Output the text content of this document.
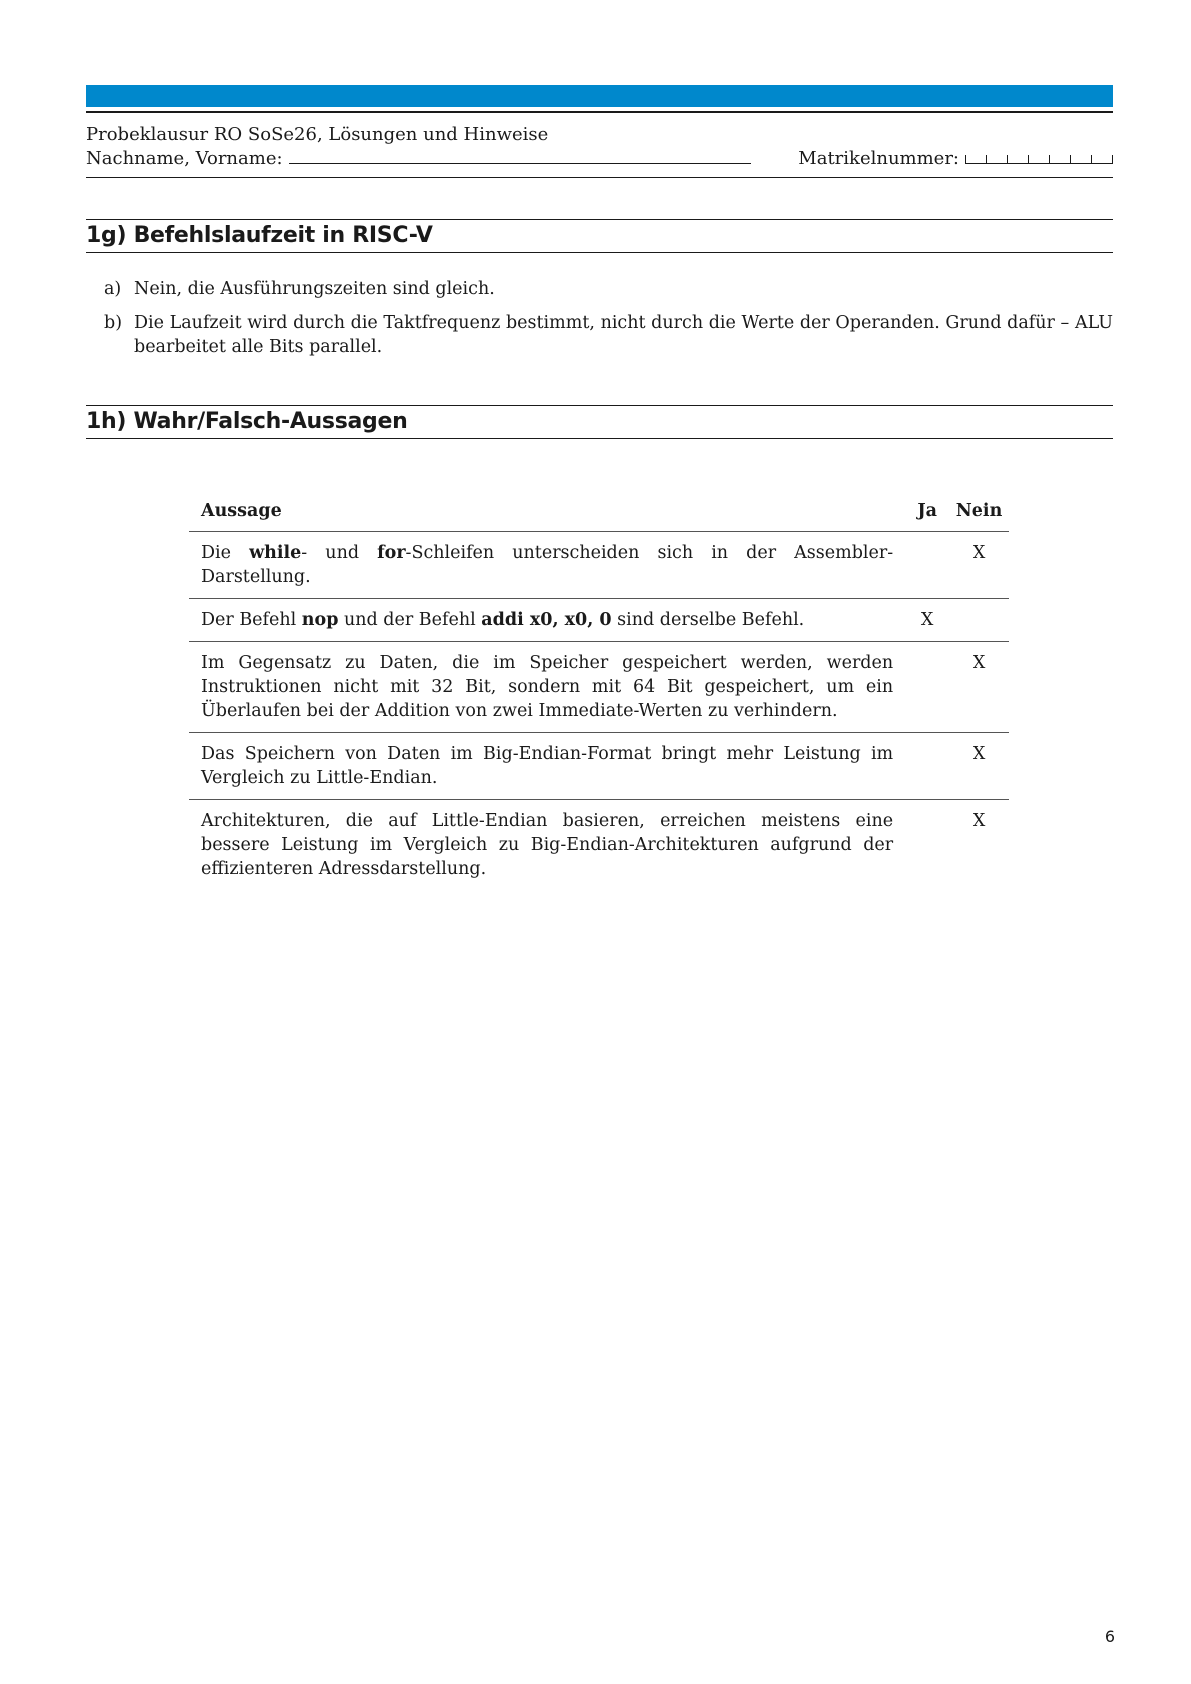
Probeklausur RO SoSe26, Lösungen und Hinweise
Nachname, Vorname:	Matrikelnummer:
1g) Befehlslaufzeit in RISC-V
a) Nein, die Ausführungszeiten sind gleich.
b) Die Laufzeit wird durch die Taktfrequenz bestimmt, nicht durch die Werte der Operanden. Grund dafür – ALU bearbeitet alle Bits parallel.
1h) Wahr/Falsch-Aussagen
Aussage	Ja	Nein
Die while- und for-Schleifen unterscheiden sich in der Assembler-Darstellung.		X
Der Befehl nop und der Befehl addi x0, x0, 0 sind derselbe Befehl.	X	
Im Gegensatz zu Daten, die im Speicher gespeichert werden, werden Instruktionen nicht mit 32 Bit, sondern mit 64 Bit gespeichert, um ein Überlaufen bei der Addition von zwei Immediate-Werten zu verhindern.		X
Das Speichern von Daten im Big-Endian-Format bringt mehr Leistung im Vergleich zu Little-Endian.		X
Architekturen, die auf Little-Endian basieren, erreichen meistens eine bessere Leistung im Vergleich zu Big-Endian-Architekturen aufgrund der effizienteren Adressdarstellung.		X
6
